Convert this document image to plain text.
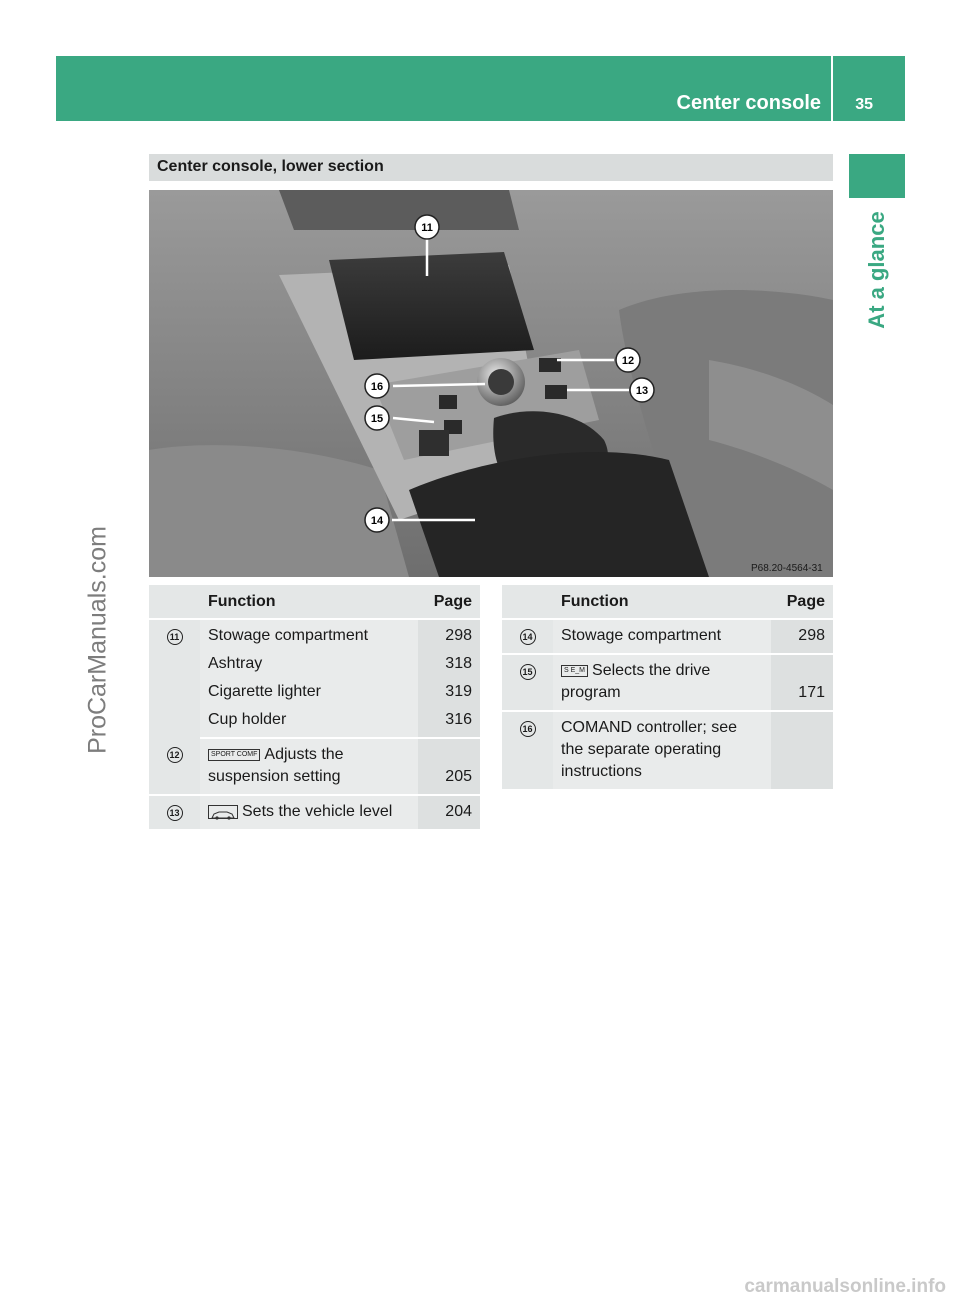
Center console 35
At a glance
ProCarManuals.com
carmanualsonline.info
Center console, lower section
11
12
13
14
15
16
P68.20-4564-31
	Function	Page
11	Stowage compartment	298
	Ashtray	318
	Cigarette lighter	319
	Cup holder	316
12	SPORT COMF Adjusts the
suspension setting	205
13	Sets the vehicle level	204
	Function	Page
14	Stowage compartment	298
15	S E_M Selects the drive
program	171
16	COMAND controller; see
the separate operating
instructions	
